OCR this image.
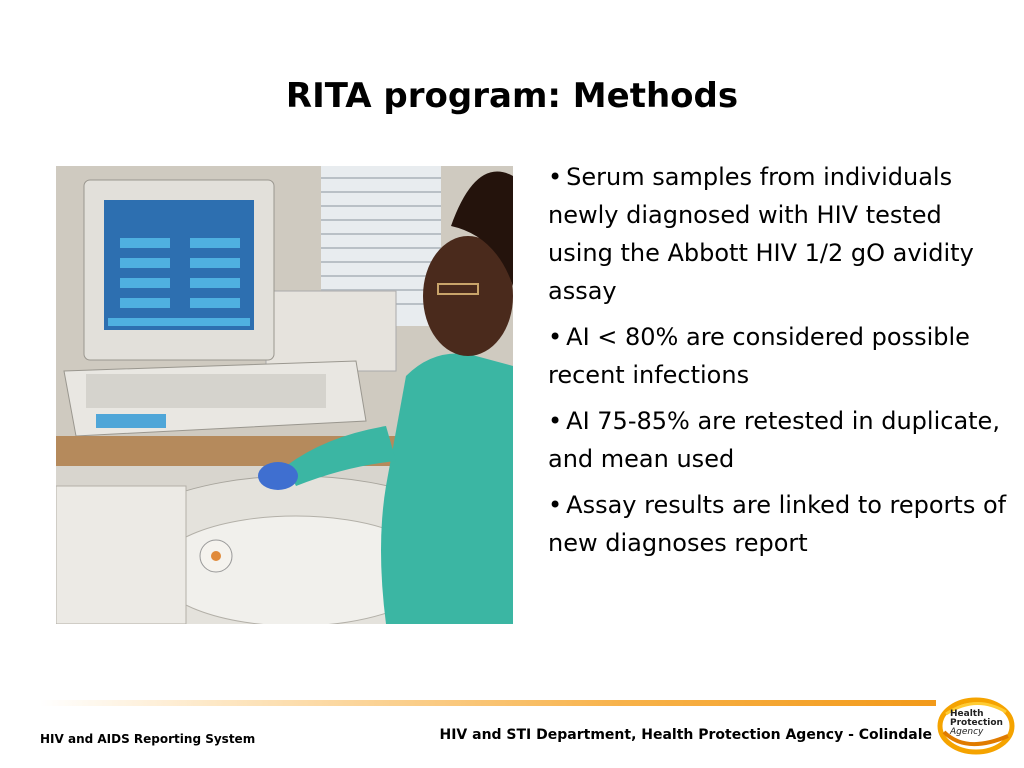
RITA program: Methods
• Serum samples from individuals newly diagnosed with HIV tested using the Abbott HIV 1/2 gO avidity assay
• AI < 80% are considered possible recent infections
• AI 75-85% are retested in duplicate, and mean used
• Assay results are linked to reports of new diagnoses report
HIV and AIDS Reporting System	HIV and STI Department, Health Protection Agency - Colindale
Health
Protection
Agency
